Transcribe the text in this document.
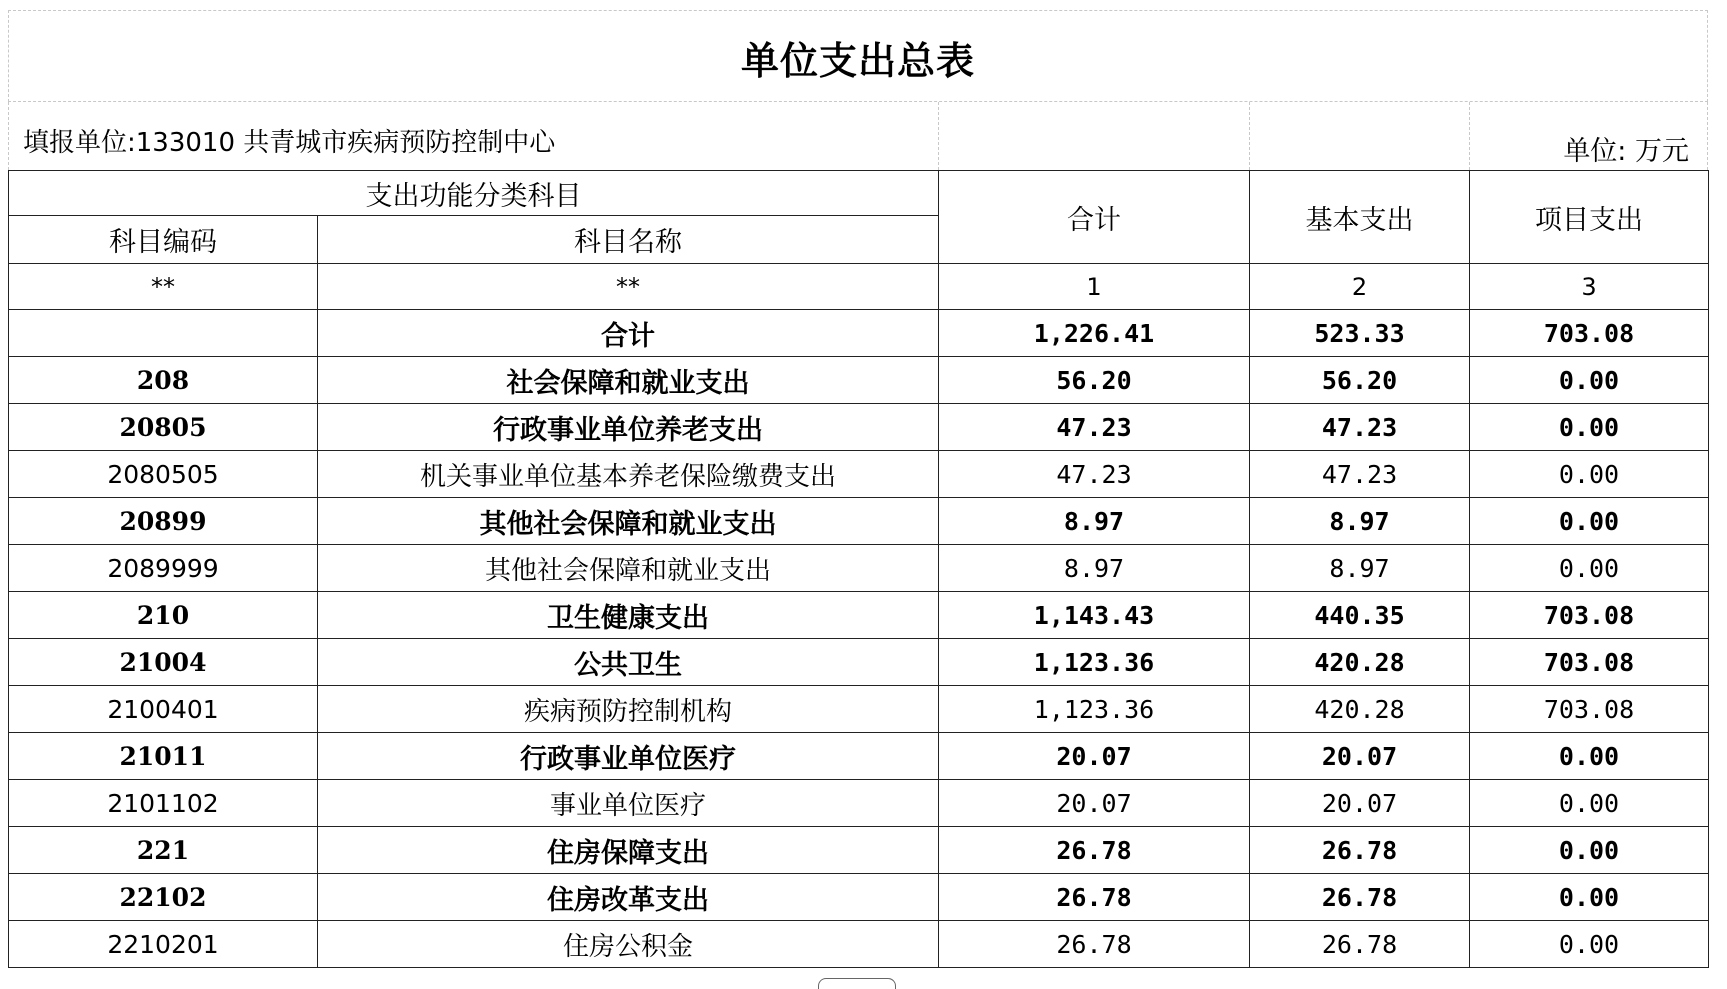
单位支出总表
填报单位:133010 共青城市疾病预防控制中心	单位: 万元
支出功能分类科目		合计	基本支出	项目支出
科目编码	科目名称			
**	**	1	2	3
	合计	1,226.41	523.33	703.08
208	社会保障和就业支出	56.20	56.20	0.00
20805	行政事业单位养老支出	47.23	47.23	0.00
2080505	机关事业单位基本养老保险缴费支出	47.23	47.23	0.00
20899	其他社会保障和就业支出	8.97	8.97	0.00
2089999	其他社会保障和就业支出	8.97	8.97	0.00
210	卫生健康支出	1,143.43	440.35	703.08
21004	公共卫生	1,123.36	420.28	703.08
2100401	疾病预防控制机构	1,123.36	420.28	703.08
21011	行政事业单位医疗	20.07	20.07	0.00
2101102	事业单位医疗	20.07	20.07	0.00
221	住房保障支出	26.78	26.78	0.00
22102	住房改革支出	26.78	26.78	0.00
2210201	住房公积金	26.78	26.78	0.00
